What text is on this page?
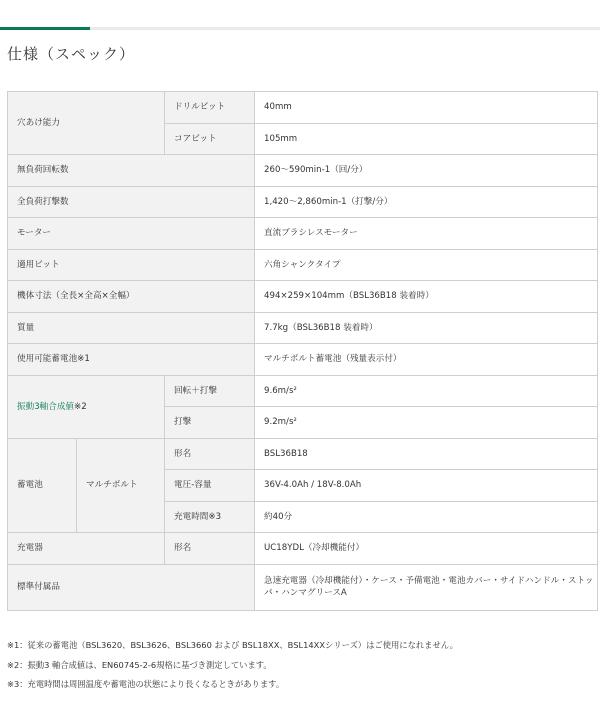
仕様（スペック）
穴あけ能力		ドリルビット	40mm
		コアビット	105mm
無負荷回転数			260～590min-1（回/分）
全負荷打撃数			1,420～2,860min-1（打撃/分）
モーター			直流ブラシレスモーター
適用ビット			六角シャンクタイプ
機体寸法（全長×全高×全幅）			494×259×104mm（BSL36B18 装着時）
質量			7.7kg（BSL36B18 装着時）
使用可能蓄電池※1			マルチボルト蓄電池（残量表示付）
振動3軸合成値※2		回転＋打撃	9.6m/s²
		打撃	9.2m/s²
蓄電池	マルチボルト	形名	BSL36B18
		電圧-容量	36V-4.0Ah / 18V-8.0Ah
		充電時間※3	約40分
充電器		形名	UC18YDL（冷却機能付）
標準付属品			急速充電器（冷却機能付）・ケース・予備電池・電池カバー・サイドハンドル・ストッパ・ハンマグリースA
※1：従来の蓄電池（BSL3620、BSL3626、BSL3660 および BSL18XX、BSL14XXシリーズ）はご使用になれません。
※2：振動3 軸合成値は、EN60745-2-6規格に基づき測定しています。
※3：充電時間は周囲温度や蓄電池の状態により長くなるときがあります。
